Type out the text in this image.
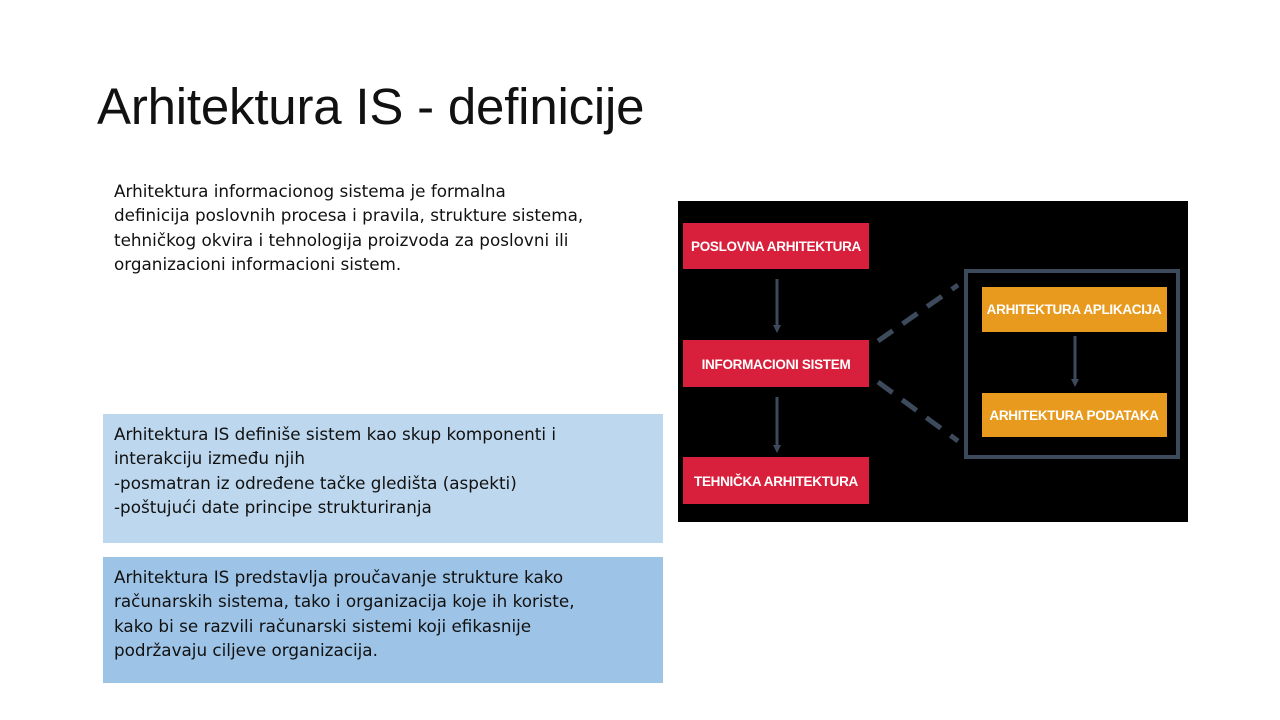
Arhitektura IS - definicije
Arhitektura informacionog sistema je formalna
definicija poslovnih procesa i pravila, strukture sistema,
tehničkog okvira i tehnologija proizvoda za poslovni ili
organizacioni informacioni sistem.
Arhitektura IS definiše sistem kao skup komponenti i
interakciju između njih
-posmatran iz određene tačke gledišta (aspekti)
-poštujući date principe strukturiranja
Arhitektura IS predstavlja proučavanje strukture kako
računarskih sistema, tako i organizacija koje ih koriste,
kako bi se razvili računarski sistemi koji efikasnije
podržavaju ciljeve organizacija.
POSLOVNA ARHITEKTURA
INFORMACIONI SISTEM
TEHNIČKA ARHITEKTURA
ARHITEKTURA APLIKACIJA
ARHITEKTURA PODATAKA
